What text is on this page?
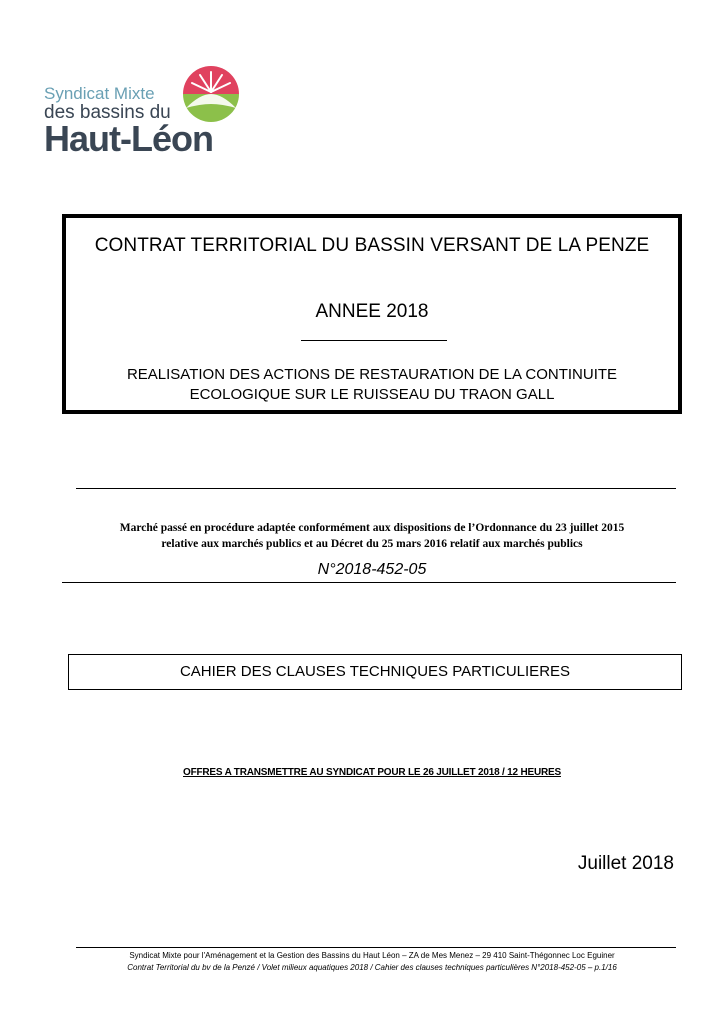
Syndicat Mixte
des bassins du
Haut-Léon
CONTRAT TERRITORIAL DU BASSIN VERSANT DE LA PENZE
ANNEE 2018
REALISATION DES ACTIONS DE RESTAURATION DE LA CONTINUITE
ECOLOGIQUE SUR LE RUISSEAU DU TRAON GALL
Marché passé en procédure adaptée conformément aux dispositions de l’Ordonnance du 23 juillet 2015
relative aux marchés publics et au Décret du 25 mars 2016 relatif aux marchés publics
N°2018-452-05
CAHIER DES CLAUSES TECHNIQUES PARTICULIERES
OFFRES A TRANSMETTRE AU SYNDICAT POUR LE 26 JUILLET 2018 / 12 HEURES
Juillet 2018
Syndicat Mixte pour l'Aménagement et la Gestion des Bassins du Haut Léon – ZA de Mes Menez – 29 410 Saint-Thégonnec Loc Eguiner
Contrat Territorial du bv de la Penzé / Volet milieux aquatiques 2018 / Cahier des clauses techniques particulières N°2018-452-05 – p.1/16
